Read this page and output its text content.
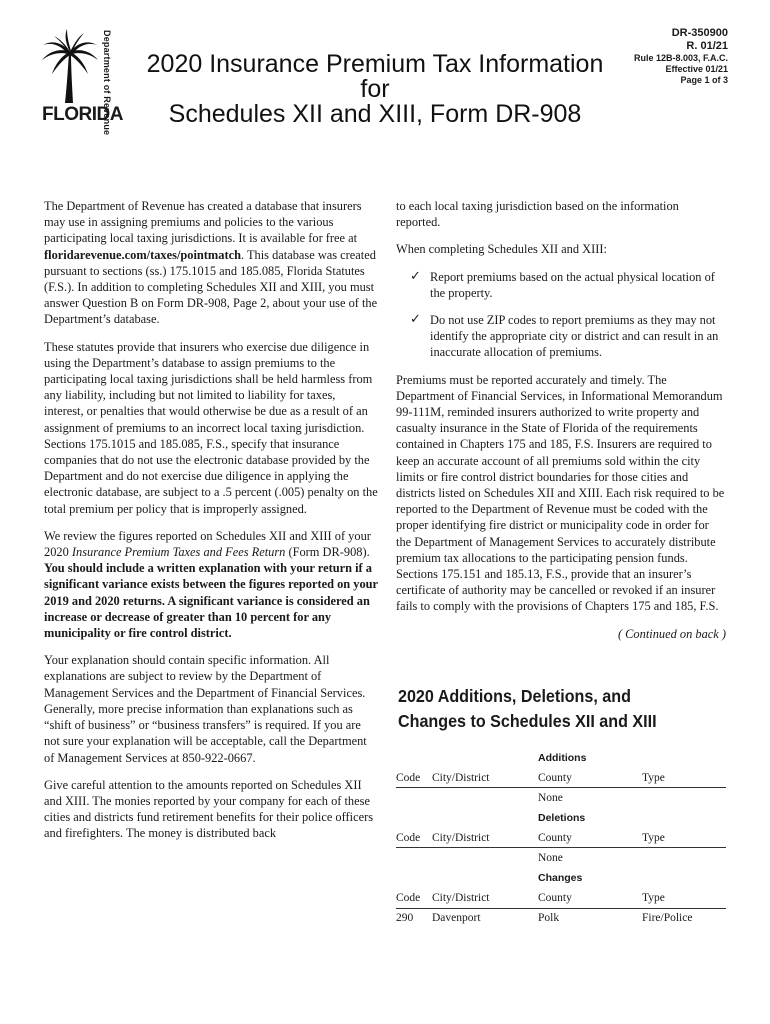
Department of Revenue
FLORIDA
2020 Insurance Premium Tax Information
for
Schedules XII and XIII, Form DR-908
DR-350900
R. 01/21
Rule 12B-8.003, F.A.C.
Effective 01/21
Page 1 of 3

The Department of Revenue has created a database that insurers may use in assigning premiums and policies to the various participating local taxing jurisdictions. It is available for free at floridarevenue.com/taxes/pointmatch. This database was created pursuant to sections (ss.) 175.1015 and 185.085, Florida Statutes (F.S.). In addition to completing Schedules XII and XIII, you must answer Question B on Form DR-908, Page 2, about your use of the Department’s database.

These statutes provide that insurers who exercise due diligence in using the Department’s database to assign premiums to the participating local taxing jurisdictions shall be held harmless from any liability, including but not limited to liability for taxes, interest, or penalties that would otherwise be due as a result of an assignment of premiums to an incorrect local taxing jurisdiction. Sections 175.1015 and 185.085, F.S., specify that insurance companies that do not use the electronic database provided by the Department and do not exercise due diligence in applying the electronic database, are subject to a .5 percent (.005) penalty on the total premium per policy that is improperly assigned.

We review the figures reported on Schedules XII and XIII of your 2020 Insurance Premium Taxes and Fees Return (Form DR-908). You should include a written explanation with your return if a significant variance exists between the figures reported on your 2019 and 2020 returns. A significant variance is considered an increase or decrease of greater than 10 percent for any municipality or fire control district.

Your explanation should contain specific information. All explanations are subject to review by the Department of Management Services and the Department of Financial Services. Generally, more precise information than explanations such as “shift of business” or “business transfers” is required. If you are not sure your explanation will be acceptable, call the Department of Management Services at 850-922-0667.

Give careful attention to the amounts reported on Schedules XII and XIII. The monies reported by your company for each of these cities and districts fund retirement benefits for their police officers and firefighters. The money is distributed back

to each local taxing jurisdiction based on the information reported.

When completing Schedules XII and XIII:

✓ Report premiums based on the actual physical location of the property.
✓ Do not use ZIP codes to report premiums as they may not identify the appropriate city or district and can result in an inaccurate allocation of premiums.

Premiums must be reported accurately and timely. The Department of Financial Services, in Informational Memorandum 99-111M, reminded insurers authorized to write property and casualty insurance in the State of Florida of the requirements contained in Chapters 175 and 185, F.S. Insurers are required to keep an accurate account of all premiums sold within the city limits or fire control district boundaries for those cities and districts listed on Schedules XII and XIII. Each risk required to be reported to the Department of Revenue must be coded with the proper identifying fire district or municipality code in order for the Department of Management Services to accurately distribute premium tax allocations to the participating pension funds. Sections 175.151 and 185.13, F.S., provide that an insurer’s certificate of authority may be cancelled or revoked if an insurer fails to comply with the provisions of Chapters 175 and 185, F.S.

( Continued on back )
2020 Additions, Deletions, and
Changes to Schedules XII and XIII
		Additions	
Code	City/District	County	Type
		None	
		Deletions	
Code	City/District	County	Type
		None	
		Changes	
Code	City/District	County	Type
290	Davenport	Polk	Fire/Police
